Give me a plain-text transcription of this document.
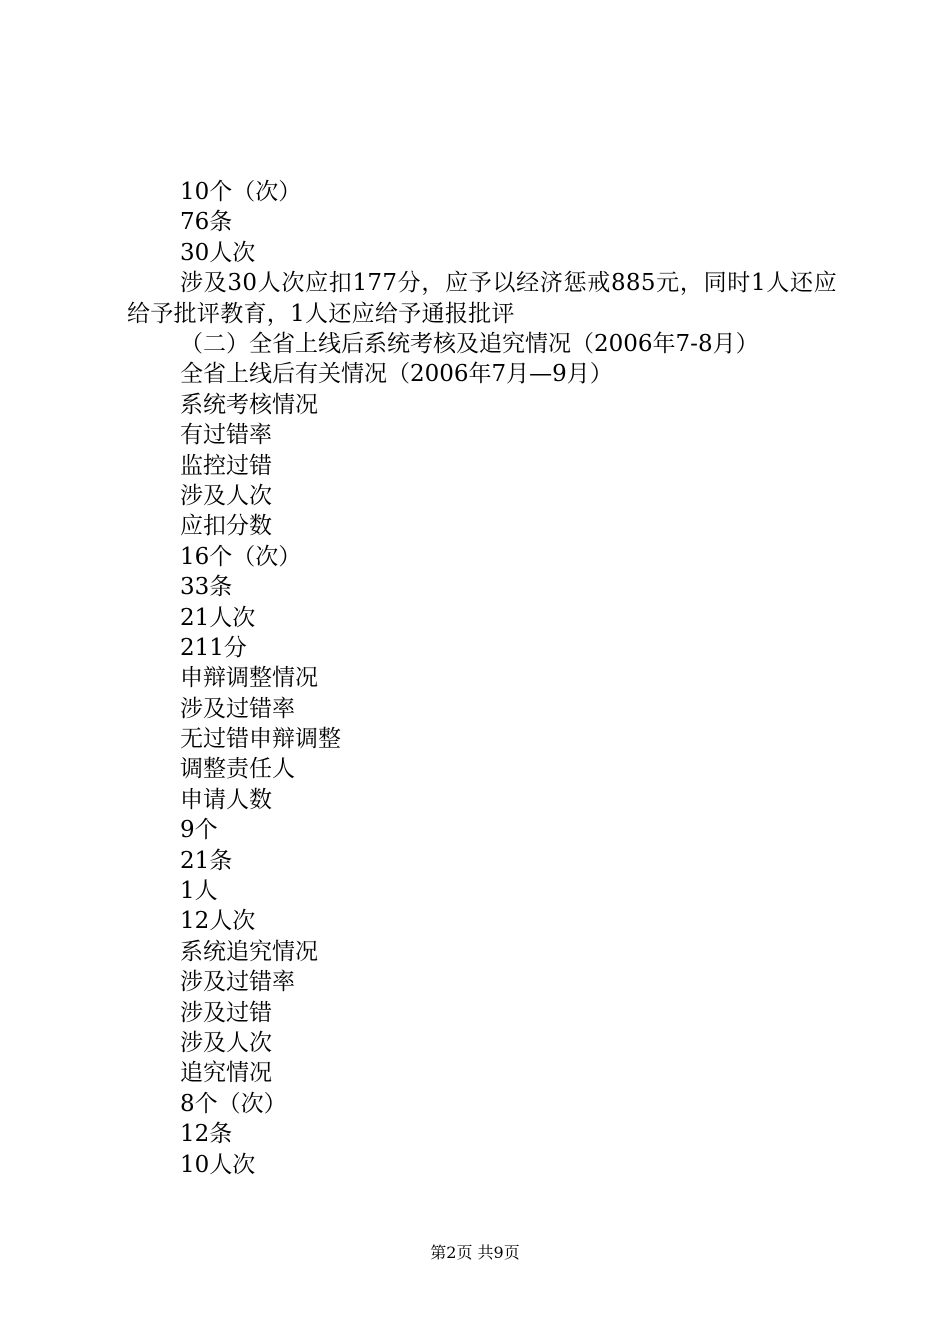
10个（次）
76条
30人次
涉及30人次应扣177分，应予以经济惩戒885元，同时1人还应给予批评教育，1人还应给予通报批评
（二）全省上线后系统考核及追究情况（2006年7-8月）
全省上线后有关情况（2006年7月—9月）
系统考核情况
有过错率
监控过错
涉及人次
应扣分数
16个（次）
33条
21人次
211分
申辩调整情况
涉及过错率
无过错申辩调整
调整责任人
申请人数
9个
21条
1人
12人次
系统追究情况
涉及过错率
涉及过错
涉及人次
追究情况
8个（次）
12条
10人次
第2页 共9页
